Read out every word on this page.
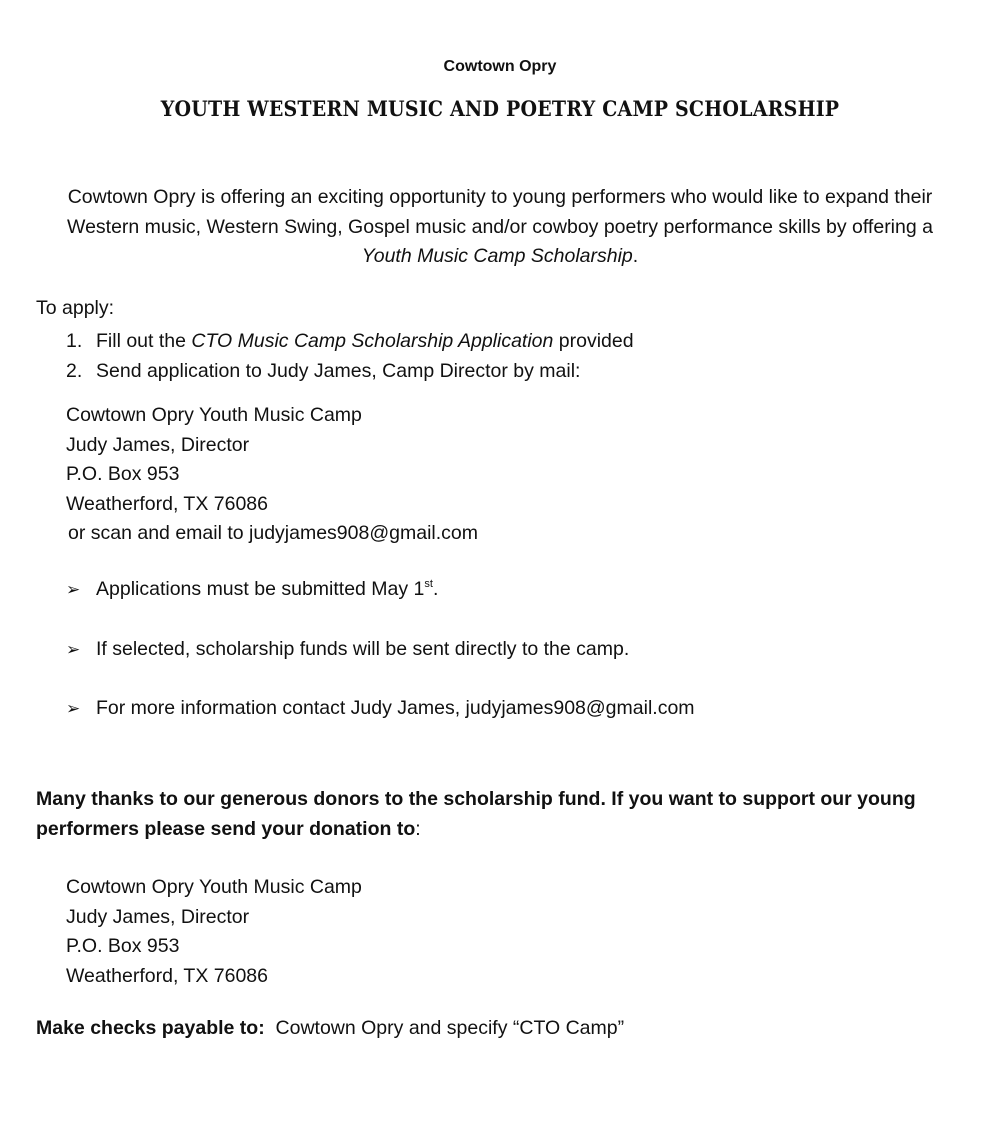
Cowtown Opry
YOUTH WESTERN MUSIC AND POETRY CAMP SCHOLARSHIP
Cowtown Opry is offering an exciting opportunity to young performers who would like to expand their Western music, Western Swing, Gospel music and/or cowboy poetry performance skills by offering a Youth Music Camp Scholarship.
To apply:
1. Fill out the CTO Music Camp Scholarship Application provided
2. Send application to Judy James, Camp Director by mail:
Cowtown Opry Youth Music Camp
Judy James, Director
P.O. Box 953
Weatherford, TX 76086
or scan and email to judyjames908@gmail.com
➢ Applications must be submitted May 1st.
➢ If selected, scholarship funds will be sent directly to the camp.
➢ For more information contact Judy James, judyjames908@gmail.com
Many thanks to our generous donors to the scholarship fund. If you want to support our young performers please send your donation to:
Cowtown Opry Youth Music Camp
Judy James, Director
P.O. Box 953
Weatherford, TX 76086
Make checks payable to:  Cowtown Opry and specify “CTO Camp”
